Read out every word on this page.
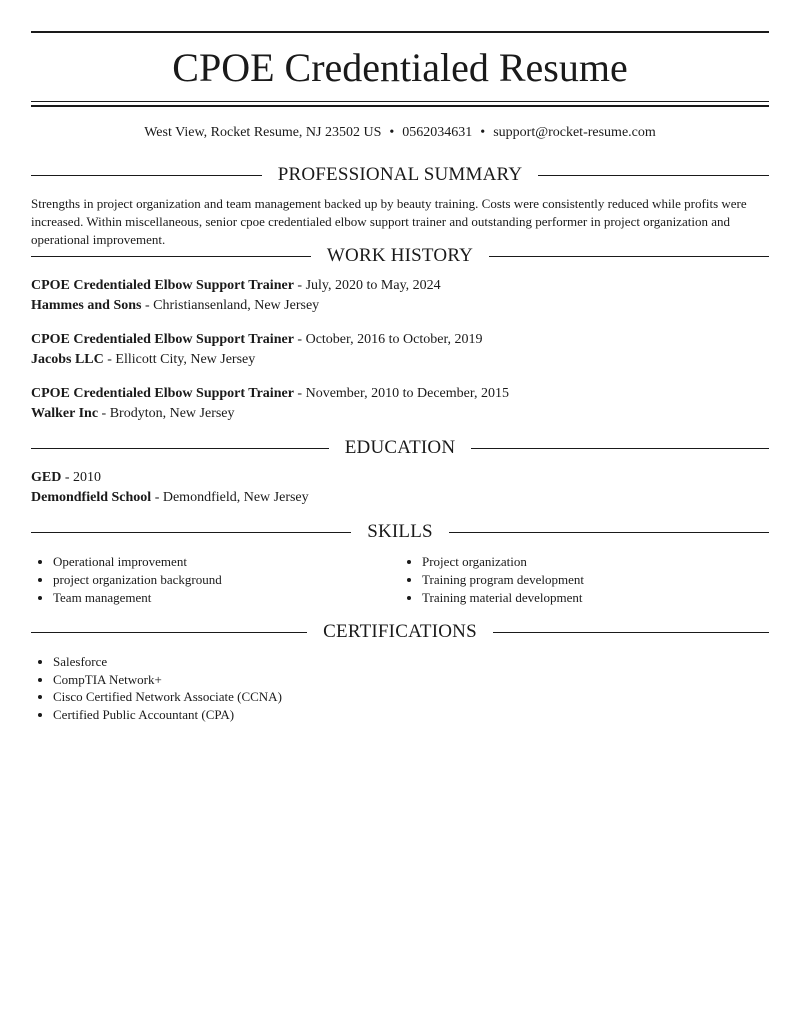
CPOE Credentialed Resume
West View, Rocket Resume, NJ 23502 US • 0562034631 • support@rocket-resume.com
PROFESSIONAL SUMMARY
Strengths in project organization and team management backed up by beauty training. Costs were consistently reduced while profits were increased. Within miscellaneous, senior cpoe credentialed elbow support trainer and outstanding performer in project organization and operational improvement.
WORK HISTORY
CPOE Credentialed Elbow Support Trainer - July, 2020 to May, 2024
Hammes and Sons - Christiansenland, New Jersey
CPOE Credentialed Elbow Support Trainer - October, 2016 to October, 2019
Jacobs LLC - Ellicott City, New Jersey
CPOE Credentialed Elbow Support Trainer - November, 2010 to December, 2015
Walker Inc - Brodyton, New Jersey
EDUCATION
GED - 2010
Demondfield School - Demondfield, New Jersey
SKILLS
• Operational improvement
• project organization background
• Team management
• Project organization
• Training program development
• Training material development
CERTIFICATIONS
• Salesforce
• CompTIA Network+
• Cisco Certified Network Associate (CCNA)
• Certified Public Accountant (CPA)
